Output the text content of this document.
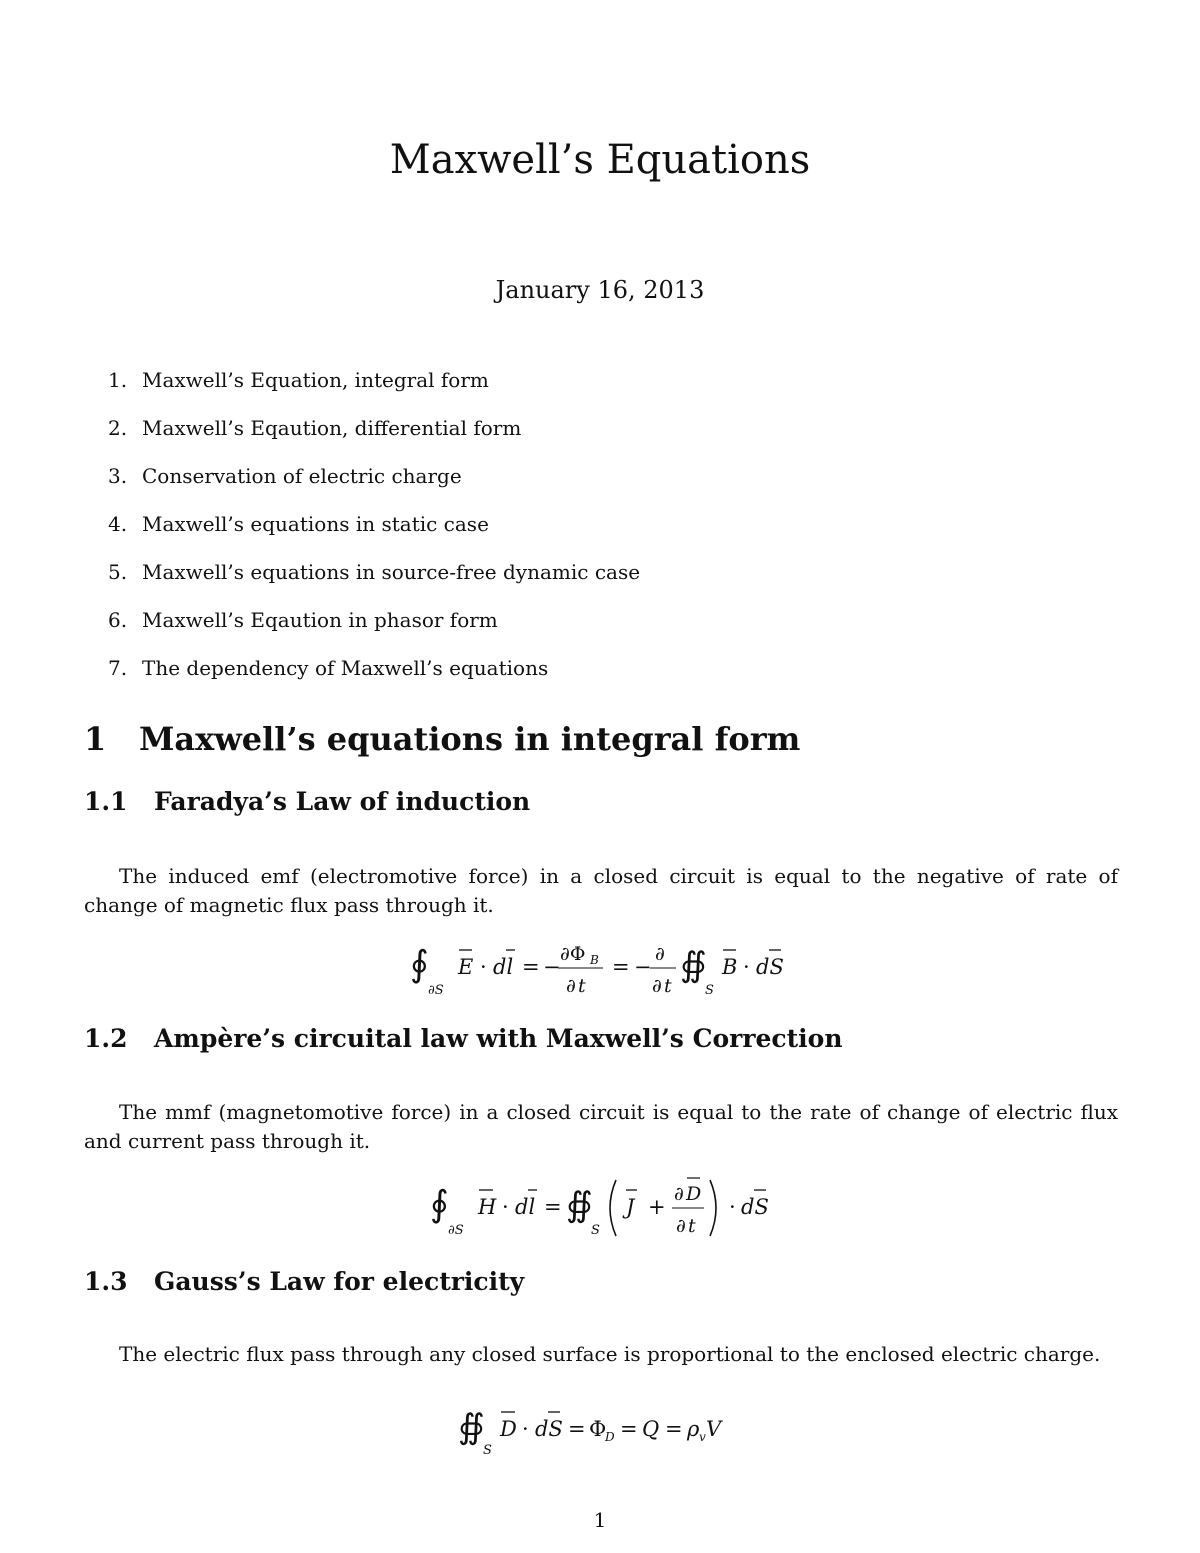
Maxwell’s Equations
January 16, 2013
1. Maxwell’s Equation, integral form
2. Maxwell’s Eqaution, differential form
3. Conservation of electric charge
4. Maxwell’s equations in static case
5. Maxwell’s equations in source-free dynamic case
6. Maxwell’s Eqaution in phasor form
7. The dependency of Maxwell’s equations
1 Maxwell’s equations in integral form
1.1 Faradya’s Law of induction

The induced emf (electromotive force) in a closed circuit is equal to the negative of rate of change of magnetic flux pass through it.

∮
∂S
E · dl = −
∂Φ B
∂ t
= −
∂
∂ t
∯
S
B · dS
1.2 Ampère’s circuital law with Maxwell’s Correction

The mmf (magnetomotive force) in a closed circuit is equal to the rate of change of electric flux and current pass through it.

∮
∂S
H · dl = ∯
S
J +
∂ D
∂ t
· dS
1.3 Gauss’s Law for electricity

The electric flux pass through any closed surface is proportional to the enclosed electric charge.

∯
S
D · dS = Φ
D = Q = ρ v V
1
